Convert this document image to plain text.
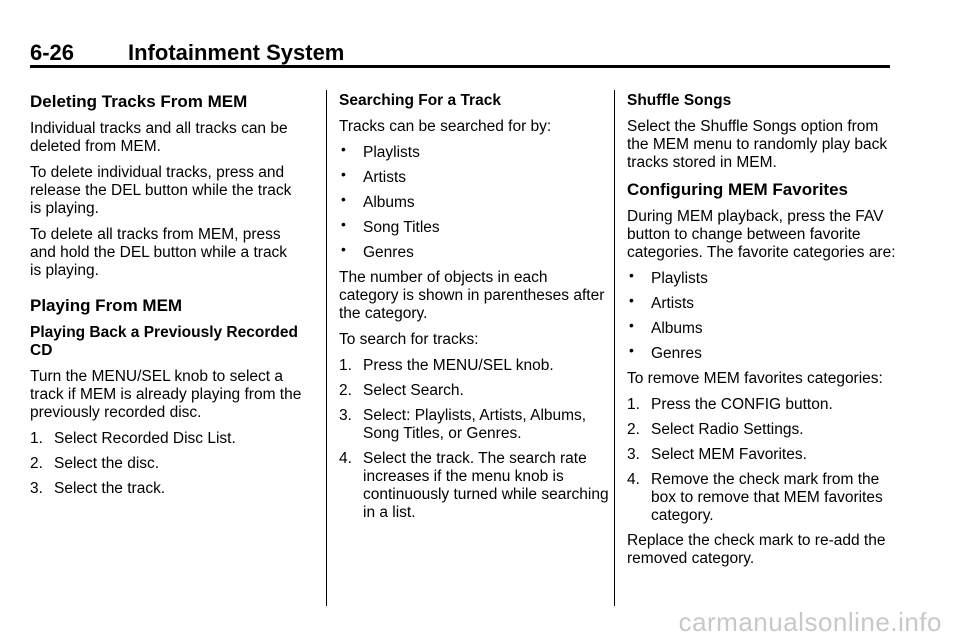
6-26 Infotainment System
Deleting Tracks From MEM

Individual tracks and all tracks can be deleted from MEM.

To delete individual tracks, press and release the DEL button while the track is playing.

To delete all tracks from MEM, press and hold the DEL button while a track is playing.

Playing From MEM
Playing Back a Previously Recorded CD

Turn the MENU/SEL knob to select a track if MEM is already playing from the previously recorded disc.

1. Select Recorded Disc List.
2. Select the disc.
3. Select the track.
Searching For a Track

Tracks can be searched for by:

• Playlists
• Artists
• Albums
• Song Titles
• Genres

The number of objects in each category is shown in parentheses after the category.

To search for tracks:

1. Press the MENU/SEL knob.
2. Select Search.
3. Select: Playlists, Artists, Albums, Song Titles, or Genres.
4. Select the track. The search rate increases if the menu knob is continuously turned while searching in a list.
Shuffle Songs

Select the Shuffle Songs option from the MEM menu to randomly play back tracks stored in MEM.

Configuring MEM Favorites

During MEM playback, press the FAV button to change between favorite categories. The favorite categories are:

• Playlists
• Artists
• Albums
• Genres

To remove MEM favorites categories:

1. Press the CONFIG button.
2. Select Radio Settings.
3. Select MEM Favorites.
4. Remove the check mark from the box to remove that MEM favorites category.

Replace the check mark to re-add the removed category.

carmanualsonline.info
